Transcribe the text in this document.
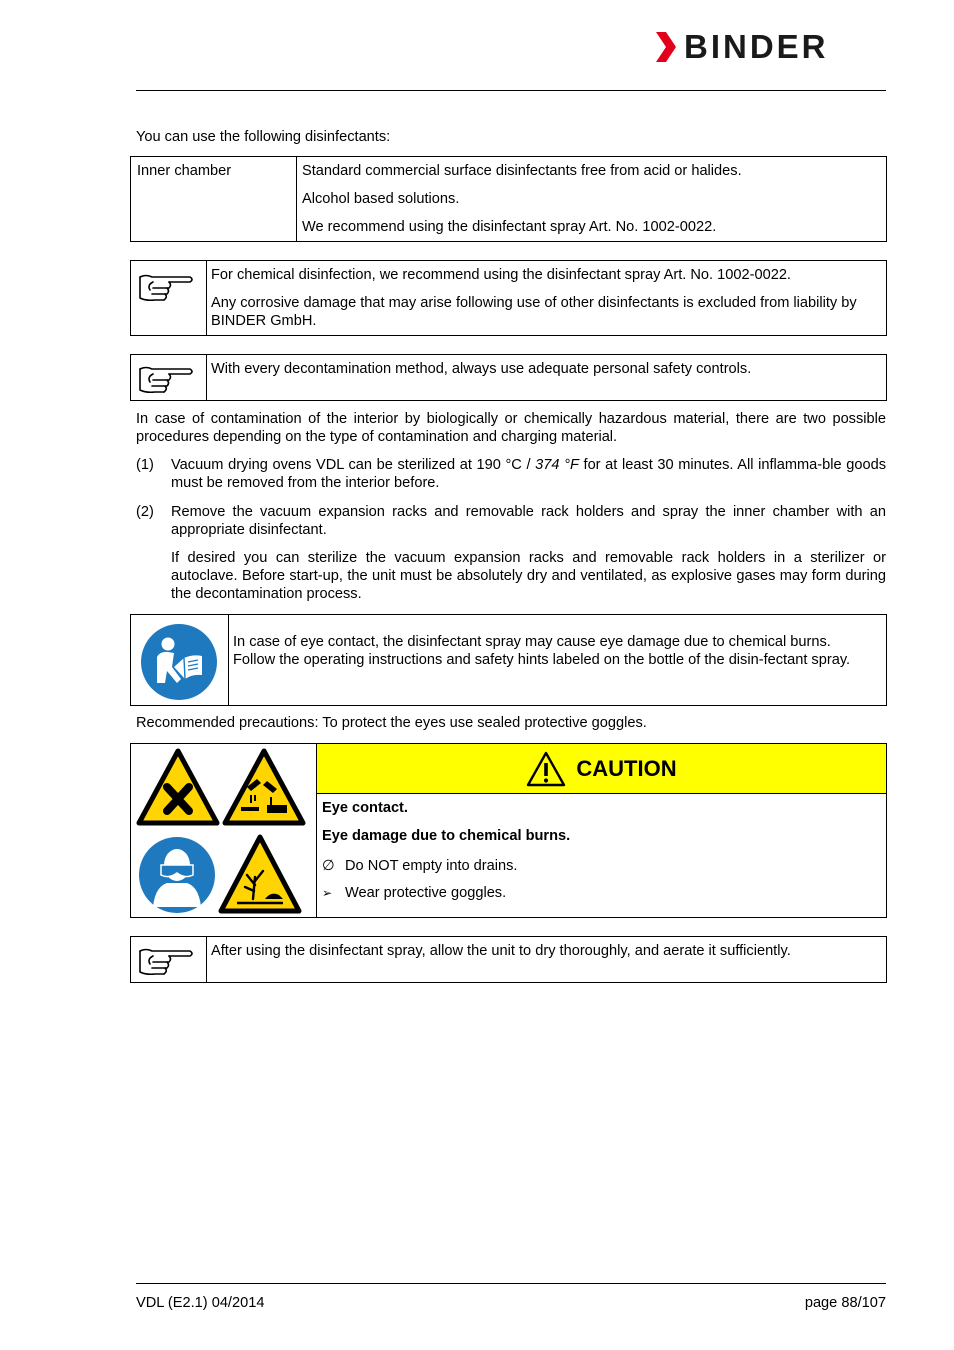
BINDER

You can use the following disinfectants:

Inner chamber	Standard commercial surface disinfectants free from acid or halides.

Alcohol based solutions.

We recommend using the disinfectant spray Art. No. 1002-0022.

For chemical disinfection, we recommend using the disinfectant spray Art. No. 1002-0022.

Any corrosive damage that may arise following use of other disinfectants is excluded from liability by BINDER GmbH.

With every decontamination method, always use adequate personal safety controls.

In case of contamination of the interior by biologically or chemically hazardous material, there are two possible procedures depending on the type of contamination and charging material.

(1) Vacuum drying ovens VDL can be sterilized at 190 °C / 374 °F for at least 30 minutes. All inflamma-ble goods must be removed from the interior before.

(2) Remove the vacuum expansion racks and removable rack holders and spray the inner chamber with an appropriate disinfectant.

If desired you can sterilize the vacuum expansion racks and removable rack holders in a sterilizer or autoclave. Before start-up, the unit must be absolutely dry and ventilated, as explosive gases may form during the decontamination process.

In case of eye contact, the disinfectant spray may cause eye damage due to chemical burns. Follow the operating instructions and safety hints labeled on the bottle of the disin-fectant spray.

Recommended precautions: To protect the eyes use sealed protective goggles.

CAUTION

Eye contact.

Eye damage due to chemical burns.

∅ Do NOT empty into drains.

➢ Wear protective goggles.

After using the disinfectant spray, allow the unit to dry thoroughly, and aerate it sufficiently.

VDL (E2.1) 04/2014	page 88/107
